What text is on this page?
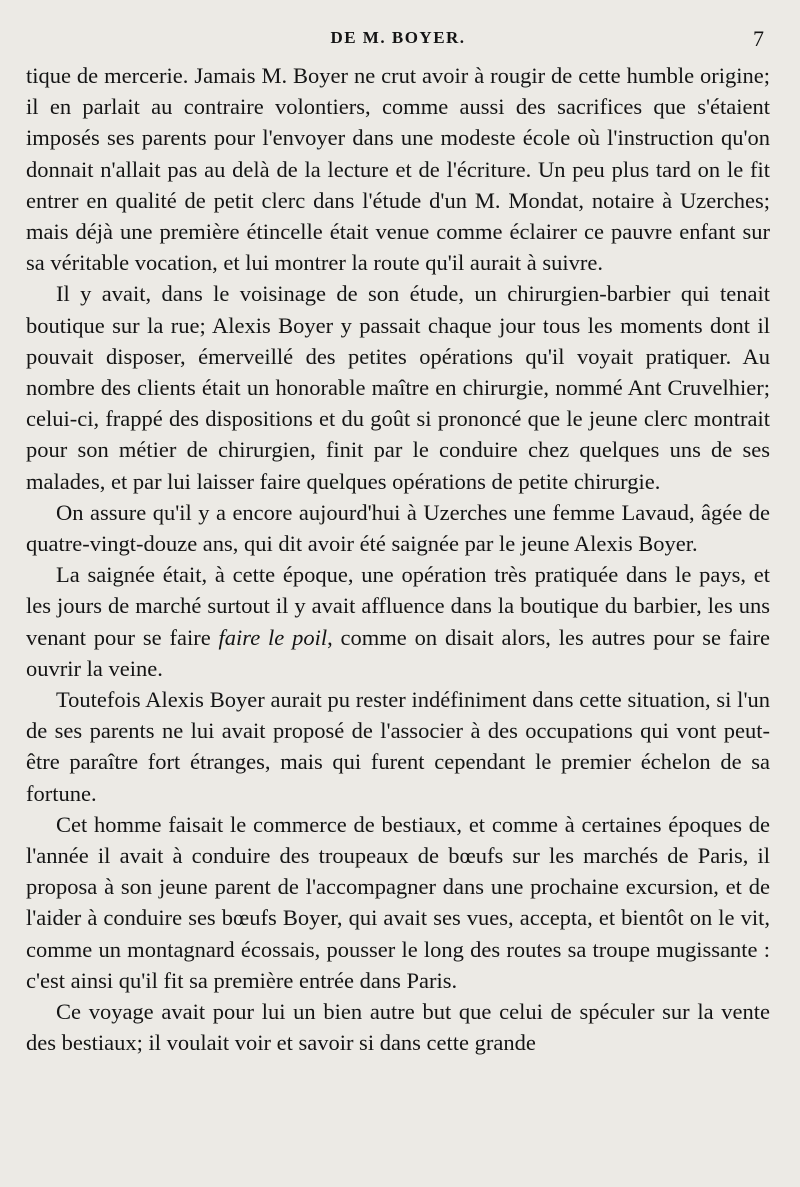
DE M. BOYER.	7

tique de mercerie. Jamais M. Boyer ne crut avoir à rougir de cette humble origine; il en parlait au contraire volontiers, comme aussi des sacrifices que s'étaient imposés ses parents pour l'envoyer dans une modeste école où l'instruction qu'on donnait n'allait pas au delà de la lecture et de l'écriture. Un peu plus tard on le fit entrer en qualité de petit clerc dans l'étude d'un M. Mondat, notaire à Uzerches; mais déjà une première étincelle était venue comme éclairer ce pauvre enfant sur sa véritable vocation, et lui montrer la route qu'il aurait à suivre.

Il y avait, dans le voisinage de son étude, un chirurgien-barbier qui tenait boutique sur la rue; Alexis Boyer y passait chaque jour tous les moments dont il pouvait disposer, émerveillé des petites opérations qu'il voyait pratiquer. Au nombre des clients était un honorable maître en chirurgie, nommé Ant Cruvelhier; celui-ci, frappé des dispositions et du goût si prononcé que le jeune clerc montrait pour son métier de chirurgien, finit par le conduire chez quelques uns de ses malades, et par lui laisser faire quelques opérations de petite chirurgie.

On assure qu'il y a encore aujourd'hui à Uzerches une femme Lavaud, âgée de quatre-vingt-douze ans, qui dit avoir été saignée par le jeune Alexis Boyer.

La saignée était, à cette époque, une opération très pratiquée dans le pays, et les jours de marché surtout il y avait affluence dans la boutique du barbier, les uns venant pour se faire faire le poil, comme on disait alors, les autres pour se faire ouvrir la veine.

Toutefois Alexis Boyer aurait pu rester indéfiniment dans cette situation, si l'un de ses parents ne lui avait proposé de l'associer à des occupations qui vont peut-être paraître fort étranges, mais qui furent cependant le premier échelon de sa fortune.

Cet homme faisait le commerce de bestiaux, et comme à certaines époques de l'année il avait à conduire des troupeaux de bœufs sur les marchés de Paris, il proposa à son jeune parent de l'accompagner dans une prochaine excursion, et de l'aider à conduire ses bœufs Boyer, qui avait ses vues, accepta, et bientôt on le vit, comme un montagnard écossais, pousser le long des routes sa troupe mugissante : c'est ainsi qu'il fit sa première entrée dans Paris.

Ce voyage avait pour lui un bien autre but que celui de spéculer sur la vente des bestiaux; il voulait voir et savoir si dans cette grande
